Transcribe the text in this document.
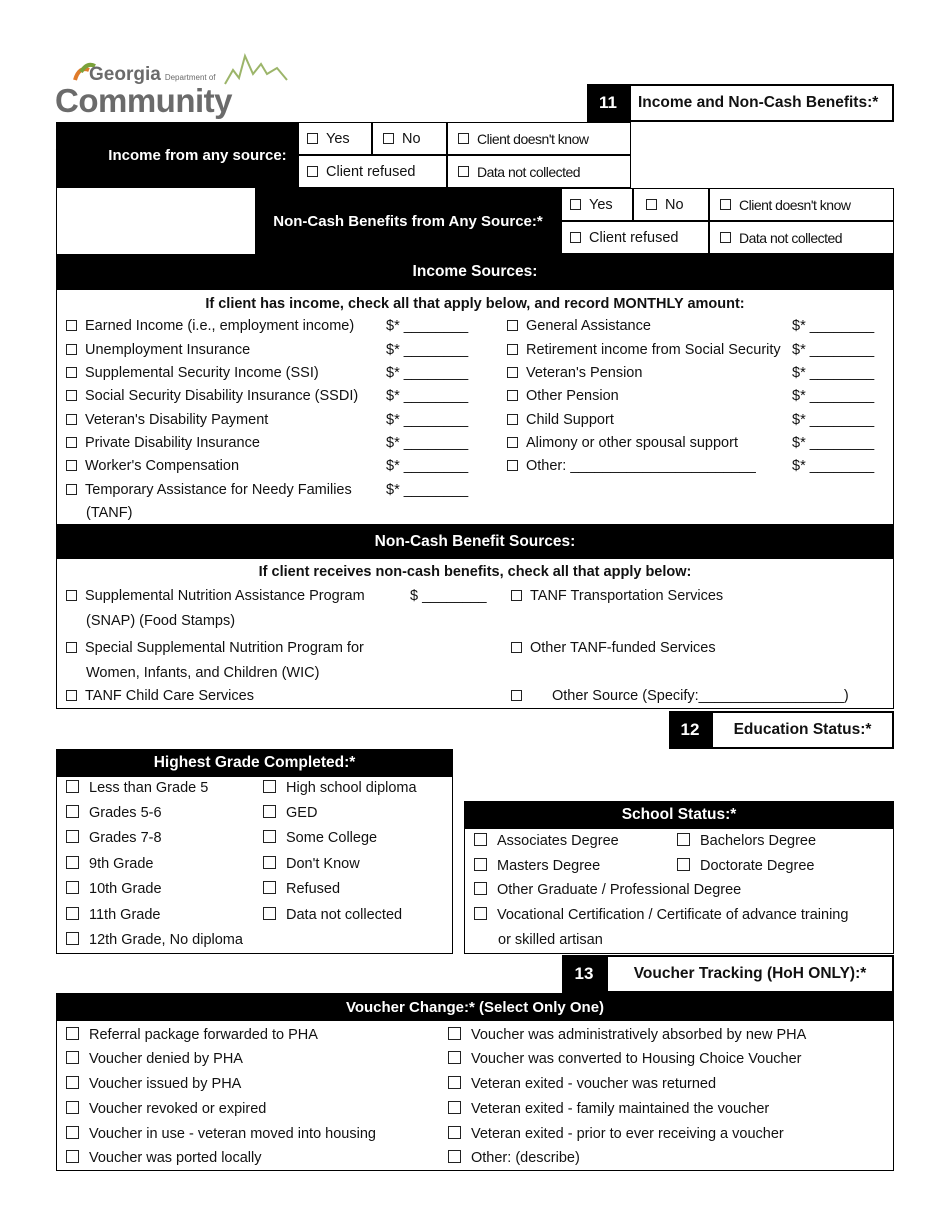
Georgia Department of
Community	11	Income and Non-Cash Benefits:*
Income from any source:
Yes	No	Client doesn't know
Client refused	Data not collected
Non-Cash Benefits from Any Source:*
Yes	No	Client doesn't know
Client refused	Data not collected
Income Sources:
If client has income, check all that apply below, and record MONTHLY amount:
Earned Income (i.e., employment income) $* ________
Unemployment Insurance	$* ________
Supplemental Security Income (SSI)	$* ________
Social Security Disability Insurance (SSDI) $* ________
Veteran's Disability Payment	$* ________
Private Disability Insurance	$* ________
Worker's Compensation	$* ________
Temporary Assistance for Needy Families $* ________
General Assistance	$* ________
Retirement income from Social Security $* ________
Veteran's Pension	$* ________
Other Pension	$* ________
Child Support	$* ________
Alimony or other spousal support	$* ________
Other: _______________________ $* ________
(TANF)
Non-Cash Benefit Sources:
If client receives non-cash benefits, check all that apply below:
Supplemental Nutrition Assistance Program	$ ________
(SNAP) (Food Stamps)
Special Supplemental Nutrition Program for
Women, Infants, and Children (WIC)
TANF Child Care Services
TANF Transportation Services
Other TANF-funded Services
Other Source (Specify:__________________)
12	Education Status:*
Highest Grade Completed:*
Less than Grade 5
Grades 5-6
Grades 7-8
9th Grade
10th Grade
11th Grade
12th Grade, No diploma
High school diploma
GED
Some College
Don't Know
Refused
Data not collected
School Status:*
Associates Degree	Bachelors Degree
Masters Degree	Doctorate Degree
Other Graduate / Professional Degree
Vocational Certification / Certificate of advance training
or skilled artisan
13	Voucher Tracking (HoH ONLY):*
Voucher Change:* (Select Only One)
Referral package forwarded to PHA
Voucher denied by PHA
Voucher issued by PHA
Voucher revoked or expired
Voucher in use - veteran moved into housing
Voucher was ported locally
Voucher was administratively absorbed by new PHA
Voucher was converted to Housing Choice Voucher
Veteran exited - voucher was returned
Veteran exited - family maintained the voucher
Veteran exited - prior to ever receiving a voucher
Other: (describe)
